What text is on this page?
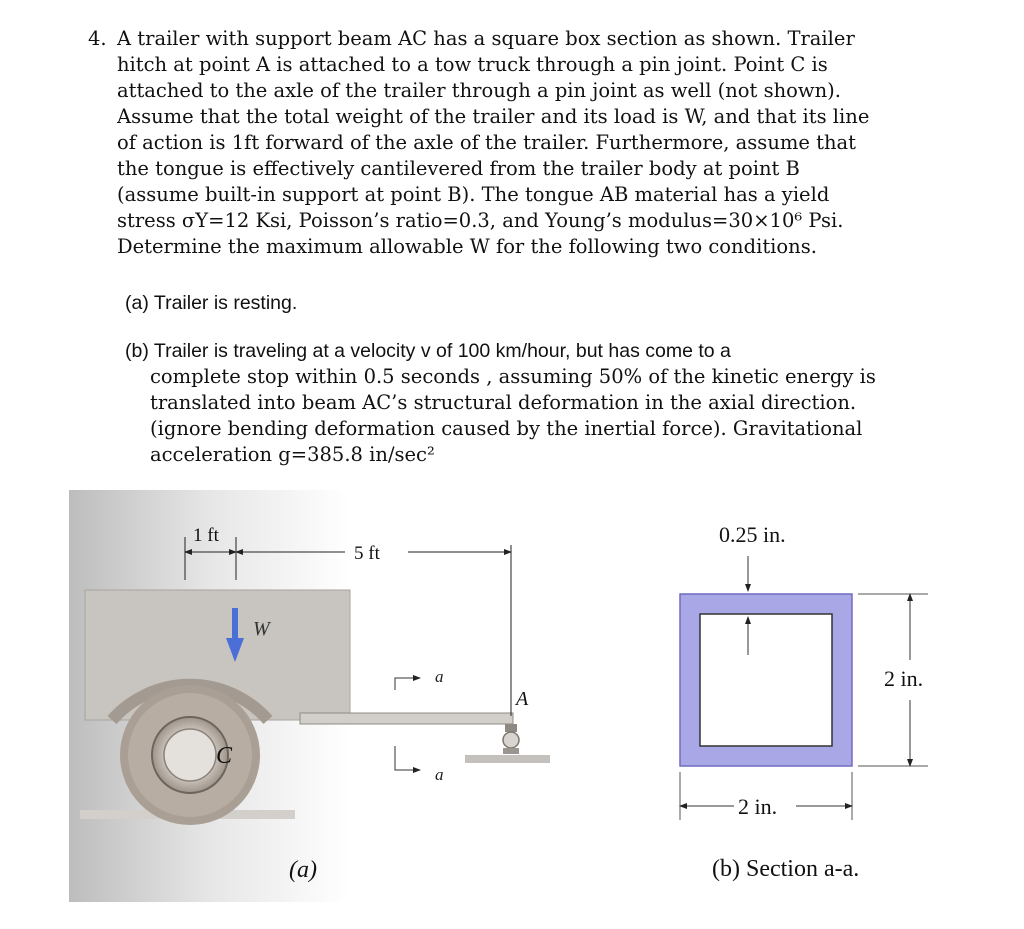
4. A trailer with support beam AC has a square box section as shown. Trailer
hitch at point A is attached to a tow truck through a pin joint. Point C is
attached to the axle of the trailer through a pin joint as well (not shown).
Assume that the total weight of the trailer and its load is W, and that its line
of action is 1ft forward of the axle of the trailer. Furthermore, assume that
the tongue is effectively cantilevered from the trailer body at point B
(assume built-in support at point B). The tongue AB material has a yield
stress σY=12 Ksi, Poisson’s ratio=0.3, and Young’s modulus=30×10⁶ Psi.
Determine the maximum allowable W for the following two conditions.
(a) Trailer is resting.
(b) Trailer is traveling at a velocity v of 100 km/hour, but has come to a
complete stop within 0.5 seconds , assuming 50% of the kinetic energy is
translated into beam AC’s structural deformation in the axial direction.
(ignore bending deformation caused by the inertial force). Gravitational
acceleration g=385.8 in/sec²
C
A
W
1 ft
5 ft
a
a
(a)
0.25 in.
2 in.
2 in.
(b) Section a-a.
